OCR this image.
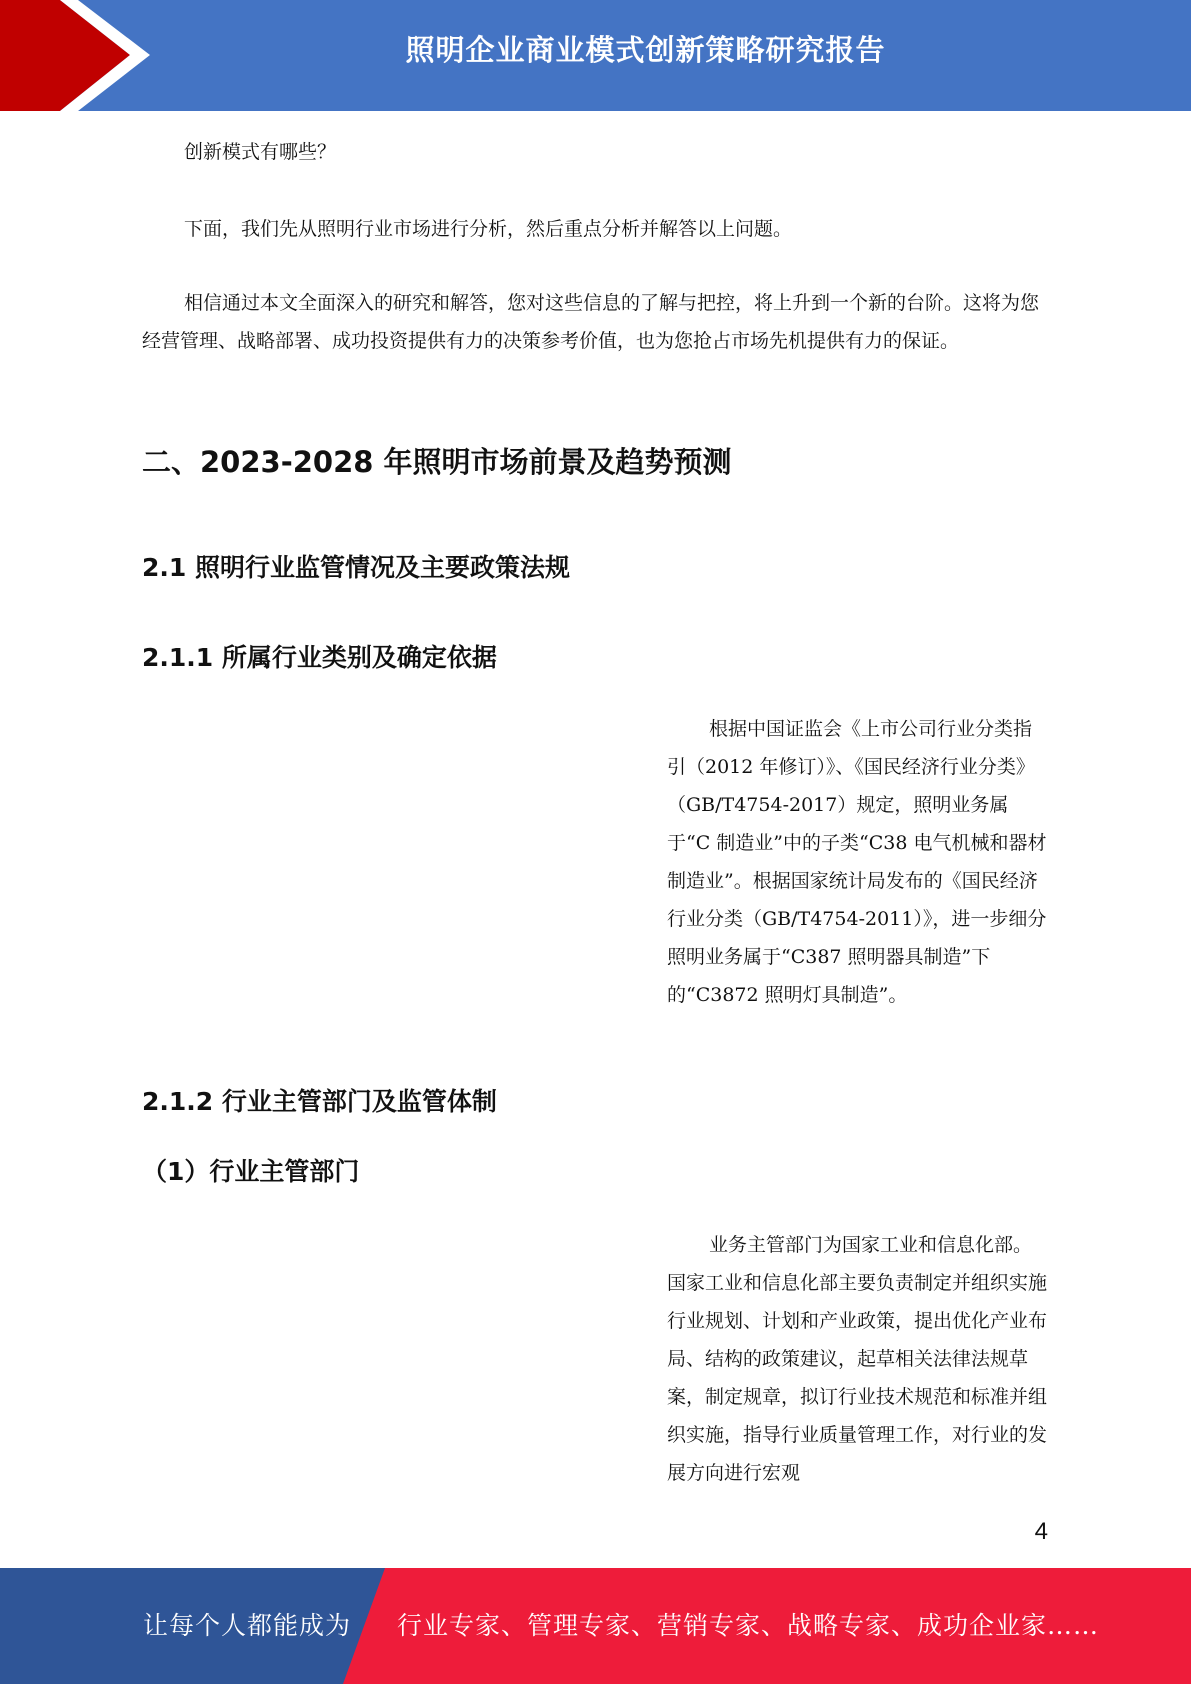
照明企业商业模式创新策略研究报告

创新模式有哪些？

下面，我们先从照明行业市场进行分析，然后重点分析并解答以上问题。

相信通过本文全面深入的研究和解答，您对这些信息的了解与把控，将上升到一个新的台阶。这将为您经营管理、战略部署、成功投资提供有力的决策参考价值，也为您抢占市场先机提供有力的保证。

二、2023-2028 年照明市场前景及趋势预测
2.1 照明行业监管情况及主要政策法规
2.1.1 所属行业类别及确定依据

根据中国证监会《上市公司行业分类指引（2012 年修订）》、《国民经济行业分类》（GB/T4754-2017）规定，照明业务属于“C 制造业”中的子类“C38 电气机械和器材制造业”。根据国家统计局发布的《国民经济行业分类（GB/T4754-2011）》，进一步细分照明业务属于“C387 照明器具制造”下的“C3872 照明灯具制造”。

2.1.2 行业主管部门及监管体制
（1）行业主管部门

业务主管部门为国家工业和信息化部。国家工业和信息化部主要负责制定并组织实施行业规划、计划和产业政策，提出优化产业布局、结构的政策建议，起草相关法律法规草案，制定规章，拟订行业技术规范和标准并组织实施，指导行业质量管理工作，对行业的发展方向进行宏观

4
让每个人都能成为 行业专家、管理专家、营销专家、战略专家、成功企业家……
